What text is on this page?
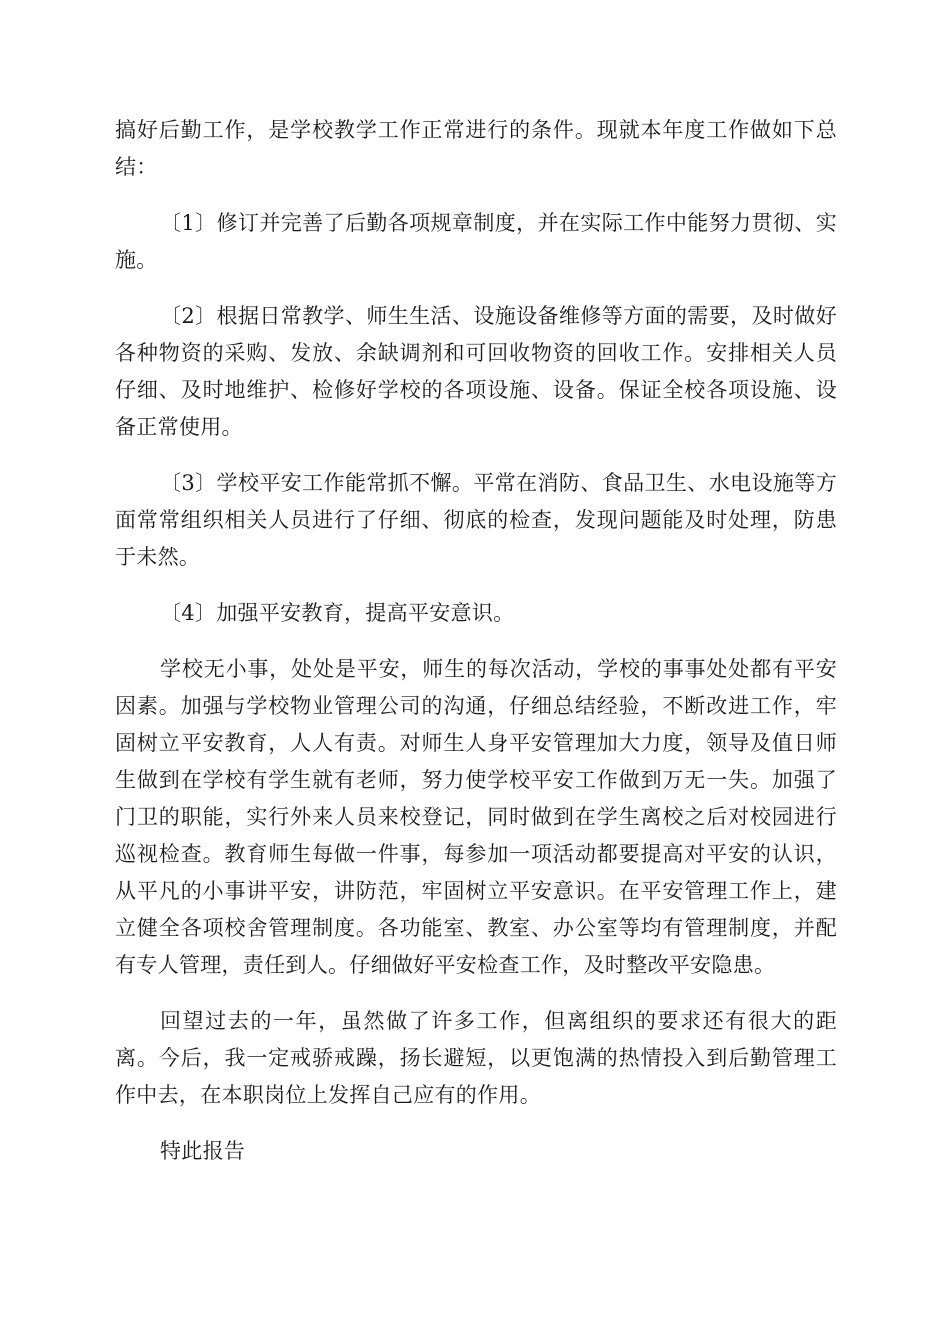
搞好后勤工作，是学校教学工作正常进行的条件。现就本年度工作做如下总结：

〔1〕修订并完善了后勤各项规章制度，并在实际工作中能努力贯彻、实施。

〔2〕根据日常教学、师生生活、设施设备维修等方面的需要，及时做好各种物资的采购、发放、余缺调剂和可回收物资的回收工作。安排相关人员仔细、及时地维护、检修好学校的各项设施、设备。保证全校各项设施、设备正常使用。

〔3〕学校平安工作能常抓不懈。平常在消防、食品卫生、水电设施等方面常常组织相关人员进行了仔细、彻底的检查，发现问题能及时处理，防患于未然。

〔4〕加强平安教育，提高平安意识。

学校无小事，处处是平安，师生的每次活动，学校的事事处处都有平安因素。加强与学校物业管理公司的沟通，仔细总结经验，不断改进工作，牢固树立平安教育，人人有责。对师生人身平安管理加大力度，领导及值日师生做到在学校有学生就有老师，努力使学校平安工作做到万无一失。加强了门卫的职能，实行外来人员来校登记，同时做到在学生离校之后对校园进行巡视检查。教育师生每做一件事，每参加一项活动都要提高对平安的认识，从平凡的小事讲平安，讲防范，牢固树立平安意识。在平安管理工作上，建立健全各项校舍管理制度。各功能室、教室、办公室等均有管理制度，并配有专人管理，责任到人。仔细做好平安检查工作，及时整改平安隐患。

回望过去的一年，虽然做了许多工作，但离组织的要求还有很大的距离。今后，我一定戒骄戒躁，扬长避短，以更饱满的热情投入到后勤管理工作中去，在本职岗位上发挥自己应有的作用。

特此报告
